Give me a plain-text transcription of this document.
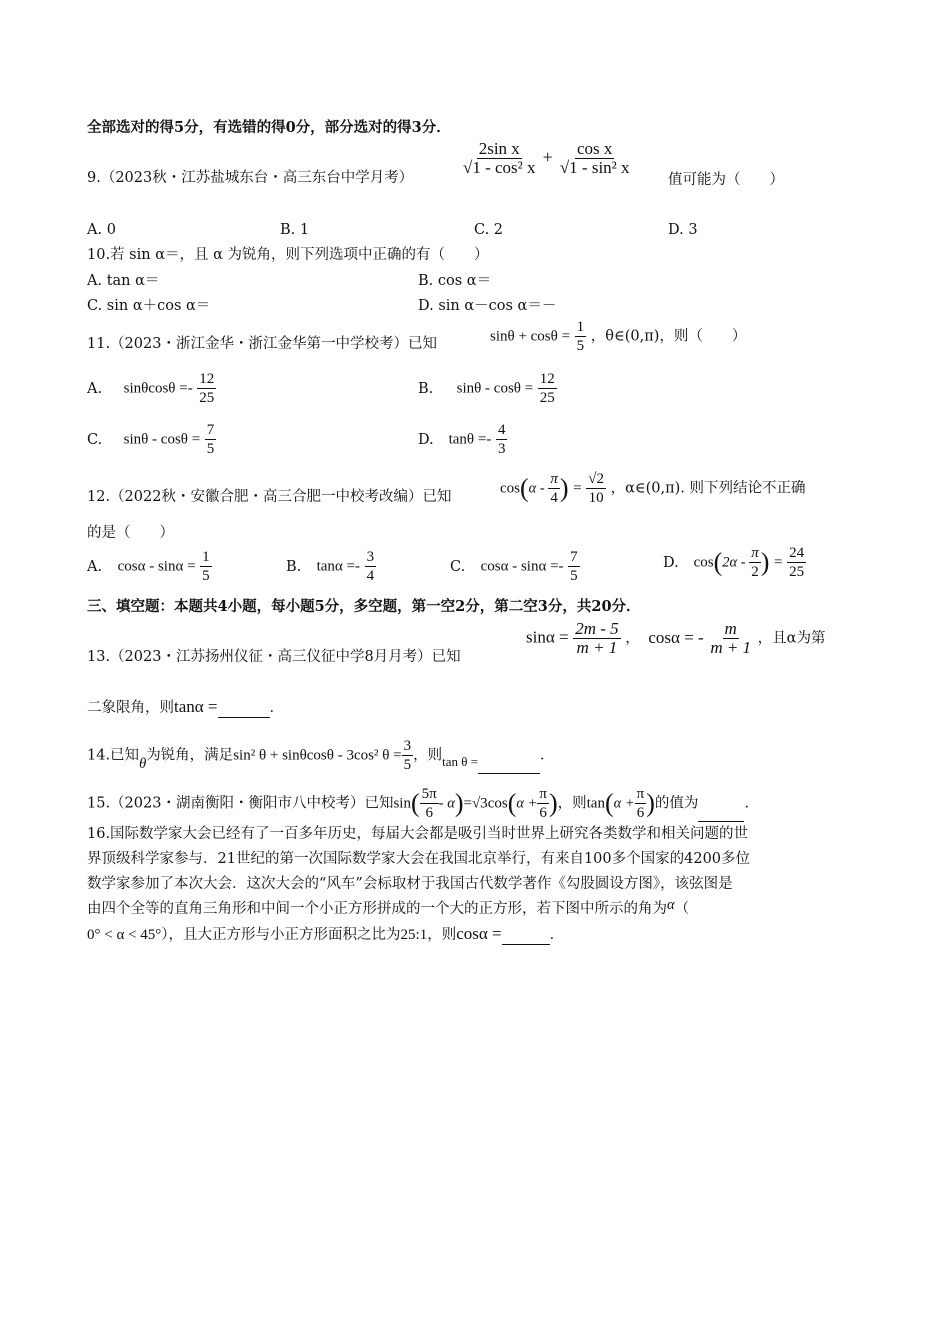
全部选对的得5分，有选错的得0分，部分选对的得3分．
9.（2023秋・江苏盐城东台・高三东台中学月考）
$\frac{\text{2sin x}}{\text{√1 - cos² x}} + \frac{\text{cos x}}{\text{√1 - sin² x}}$
值可能为（　　）
A. 0	B. 1	C. 2	D. 3
10.若 sin α＝，且 α 为锐角，则下列选项中正确的有（　　）
A. tan α＝	B. cos α＝
C. sin α＋cos α＝	D. sin α－cos α＝－
11.（2023・浙江金华・浙江金华第一中学校考）已知	$\sin\theta + \cos\theta = \frac{1}{5}$ ，θ∈(0,π)，则（　　）
A. $\sin\theta\cos\theta =- \frac{12}{25}$	B. $\sin\theta - \cos\theta = \frac{12}{25}$
C. $\sin\theta - \cos\theta = \frac{7}{5}$	D. $\tan\theta =- \frac{4}{3}$
12.（2022秋・安徽合肥・高三合肥一中校考改编）已知
$\cos(\alpha - \frac{\pi}{4}$ ) = $\frac{√2}{10}$ ，α∈(0,π). 则下列结论不正确
的是（　　）
A. $\cos\alpha - \sin\alpha = \frac{1}{5}$	B. $\tan\alpha =- \frac{3}{4}$	C. $\cos\alpha - \sin\alpha =- \frac{7}{5}$	D. $\cos(2\alpha - \frac{\pi}{2}$ ) = $\frac{24}{25}$
三、填空题：本题共4小题，每小题5分，多空题，第一空2分，第二空3分，共20分．
13.（2023・江苏扬州仪征・高三仪征中学8月月考）已知
$\sin\alpha = \frac{2m - 5}{m + 1}$ ， cosα = - $\frac{m}{m + 1}$ ，且α为第
二象限角，则tanα =	．
14.已知θ为锐角，满足sin² θ + sinθcosθ - 3cos² $\theta = \frac{3}{5}$ ，则tan θ =	．
15.（2023・湖南衡阳・衡阳市八中校考）已知$\sin( \frac{5\pi}{6} - \alpha)=√3\cos(\alpha + \frac{\pi}{6}$ )，则$\tan(\alpha + \frac{\pi}{6}$ )的值为	.
16.国际数学家大会已经有了一百多年历史，每届大会都是吸引当时世界上研究各类数学和相关问题的世
界顶级科学家参与．21世纪的第一次国际数学家大会在我国北京举行，有来自100多个国家的4200多位
数学家参加了本次大会．这次大会的“风车”会标取材于我国古代数学著作《勾股圆设方图》，该弦图是
由四个全等的直角三角形和中间一个小正方形拼成的一个大的正方形，若下图中所示的角为α（
0° < α < 45°），且大正方形与小正方形面积之比为25:1，则cosα =	．
